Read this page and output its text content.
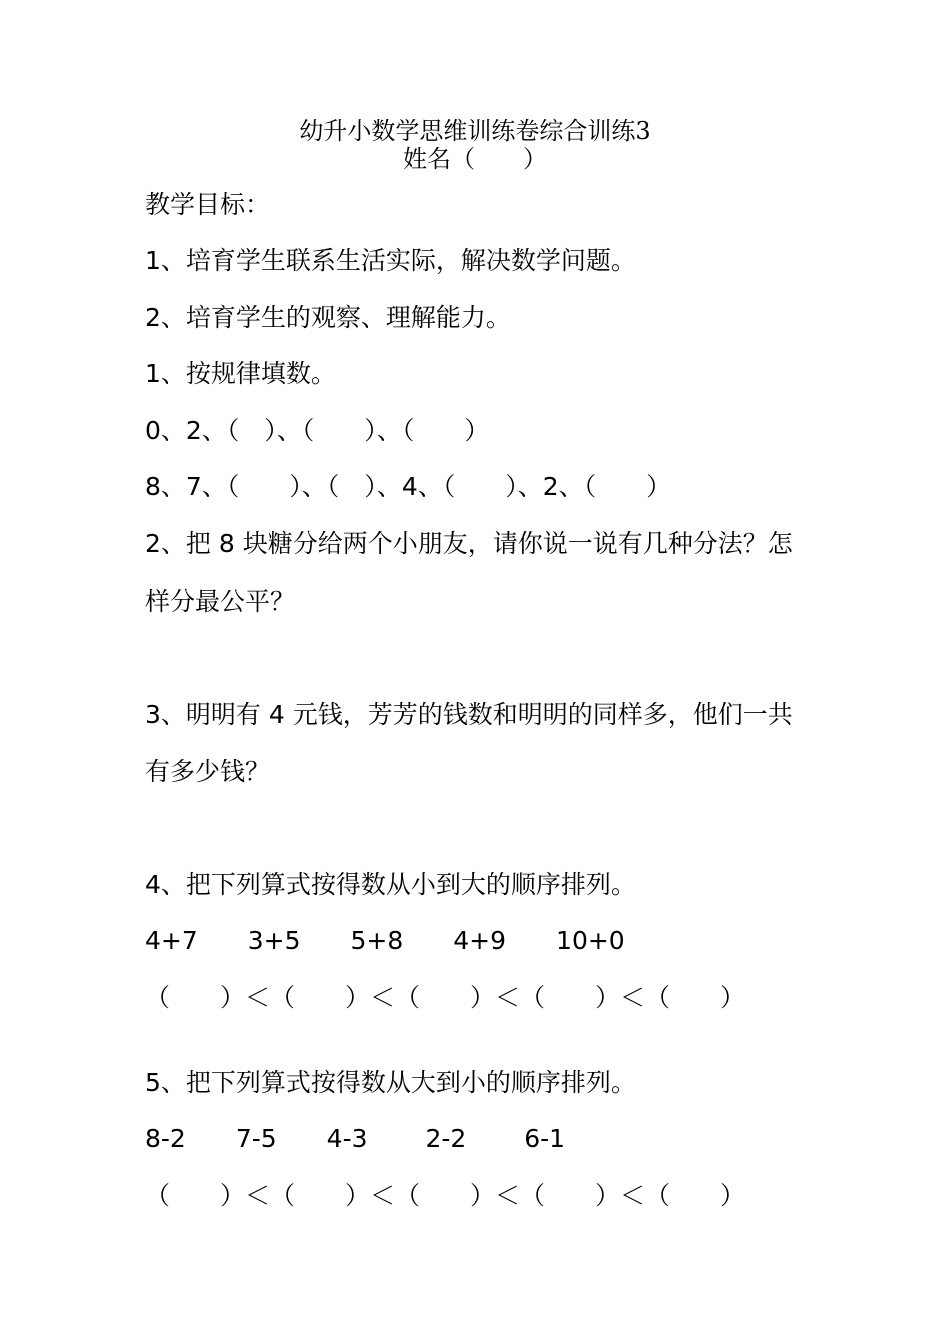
幼升小数学思维训练卷综合训练3
姓名（　　）
教学目标：
1、培育学生联系生活实际，解决数学问题。
2、培育学生的观察、理解能力。
1、按规律填数。
0、2、（　）、（　　）、（　　）
8、7、（　　）、（　）、4、（　　）、2、（　　）
2、把 8 块糖分给两个小朋友，请你说一说有几种分法？怎
样分最公平？
3、明明有 4 元钱，芳芳的钱数和明明的同样多，他们一共
有多少钱？
4、把下列算式按得数从小到大的顺序排列。
4+7　　3+5　　5+8　　4+9　　10+0
（　　）＜（　　）＜（　　）＜（　　）＜（　　）
5、把下列算式按得数从大到小的顺序排列。
8-2　　7-5　　4-3　　 2-2　　 6-1
（　　）＜（　　）＜（　　）＜（　　）＜（　　）
